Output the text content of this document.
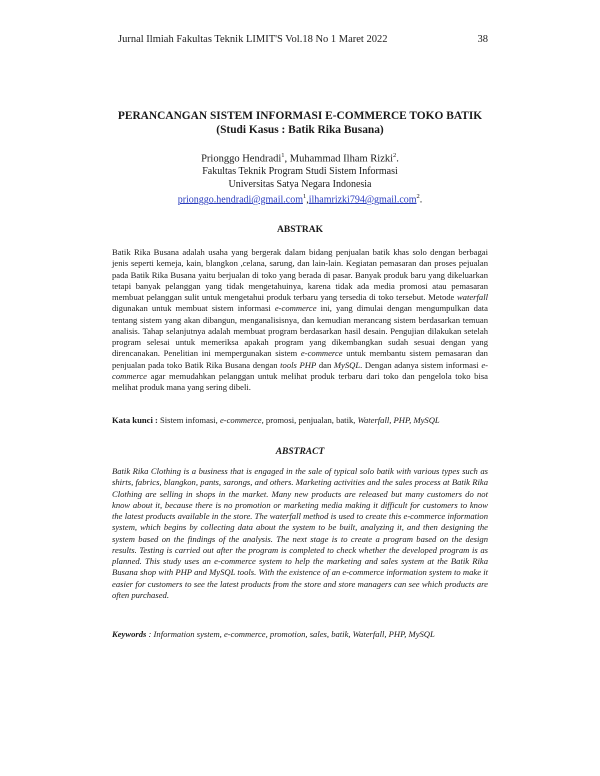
Jurnal Ilmiah Fakultas Teknik LIMIT'S Vol.18 No 1 Maret 2022	38

PERANCANGAN SISTEM INFORMASI E-COMMERCE TOKO BATIK

(Studi Kasus : Batik Rika Busana)

Prionggo Hendradi$^1$, Muhammad Ilham Rizki$^2$.
Fakultas Teknik Program Studi Sistem Informasi
Universitas Satya Negara Indonesia
prionggo.hendradi@gmail.com$^1$,ilhamrizki794@gmail.com$^2$.
ABSTRAK

Batik Rika Busana adalah usaha yang bergerak dalam bidang penjualan batik khas solo dengan berbagai jenis seperti kemeja, kain, blangkon ,celana, sarung, dan lain-lain. Kegiatan pemasaran dan proses pejualan pada Batik Rika Busana yaitu berjualan di toko yang berada di pasar. Banyak produk baru yang dikeluarkan tetapi banyak pelanggan yang tidak mengetahuinya, karena tidak ada media promosi atau pemasaran membuat pelanggan sulit untuk mengetahui produk terbaru yang tersedia di toko tersebut. Metode waterfall digunakan untuk membuat sistem informasi e-commerce ini, yang dimulai dengan mengumpulkan data tentang sistem yang akan dibangun, menganalisisnya, dan kemudian merancang sistem berdasarkan temuan analisis. Tahap selanjutnya adalah membuat program berdasarkan hasil desain. Pengujian dilakukan setelah program selesai untuk memeriksa apakah program yang dikembangkan sudah sesuai dengan yang direncanakan. Penelitian ini mempergunakan sistem e-commerce untuk membantu sistem pemasaran dan penjualan pada toko Batik Rika Busana dengan tools PHP dan MySQL. Dengan adanya sistem informasi e-commerce agar memudahkan pelanggan untuk melihat produk terbaru dari toko dan pengelola toko bisa melihat produk mana yang sering dibeli.

Kata kunci : Sistem infomasi, e-commerce, promosi, penjualan, batik, Waterfall, PHP, MySQL
ABSTRACT

Batik Rika Clothing is a business that is engaged in the sale of typical solo batik with various types such as shirts, fabrics, blangkon, pants, sarongs, and others. Marketing activities and the sales process at Batik Rika Clothing are selling in shops in the market. Many new products are released but many customers do not know about it, because there is no promotion or marketing media making it difficult for customers to know the latest products available in the store. The waterfall method is used to create this e-commerce information system, which begins by collecting data about the system to be built, analyzing it, and then designing the system based on the findings of the analysis. The next stage is to create a program based on the design results. Testing is carried out after the program is completed to check whether the developed program is as planned. This study uses an e-commerce system to help the marketing and sales system at the Batik Rika Busana shop with PHP and MySQL tools. With the existence of an e-commerce information system to make it easier for customers to see the latest products from the store and store managers can see which products are often purchased.

Keywords : Information system, e-commerce, promotion, sales, batik, Waterfall, PHP, MySQL
